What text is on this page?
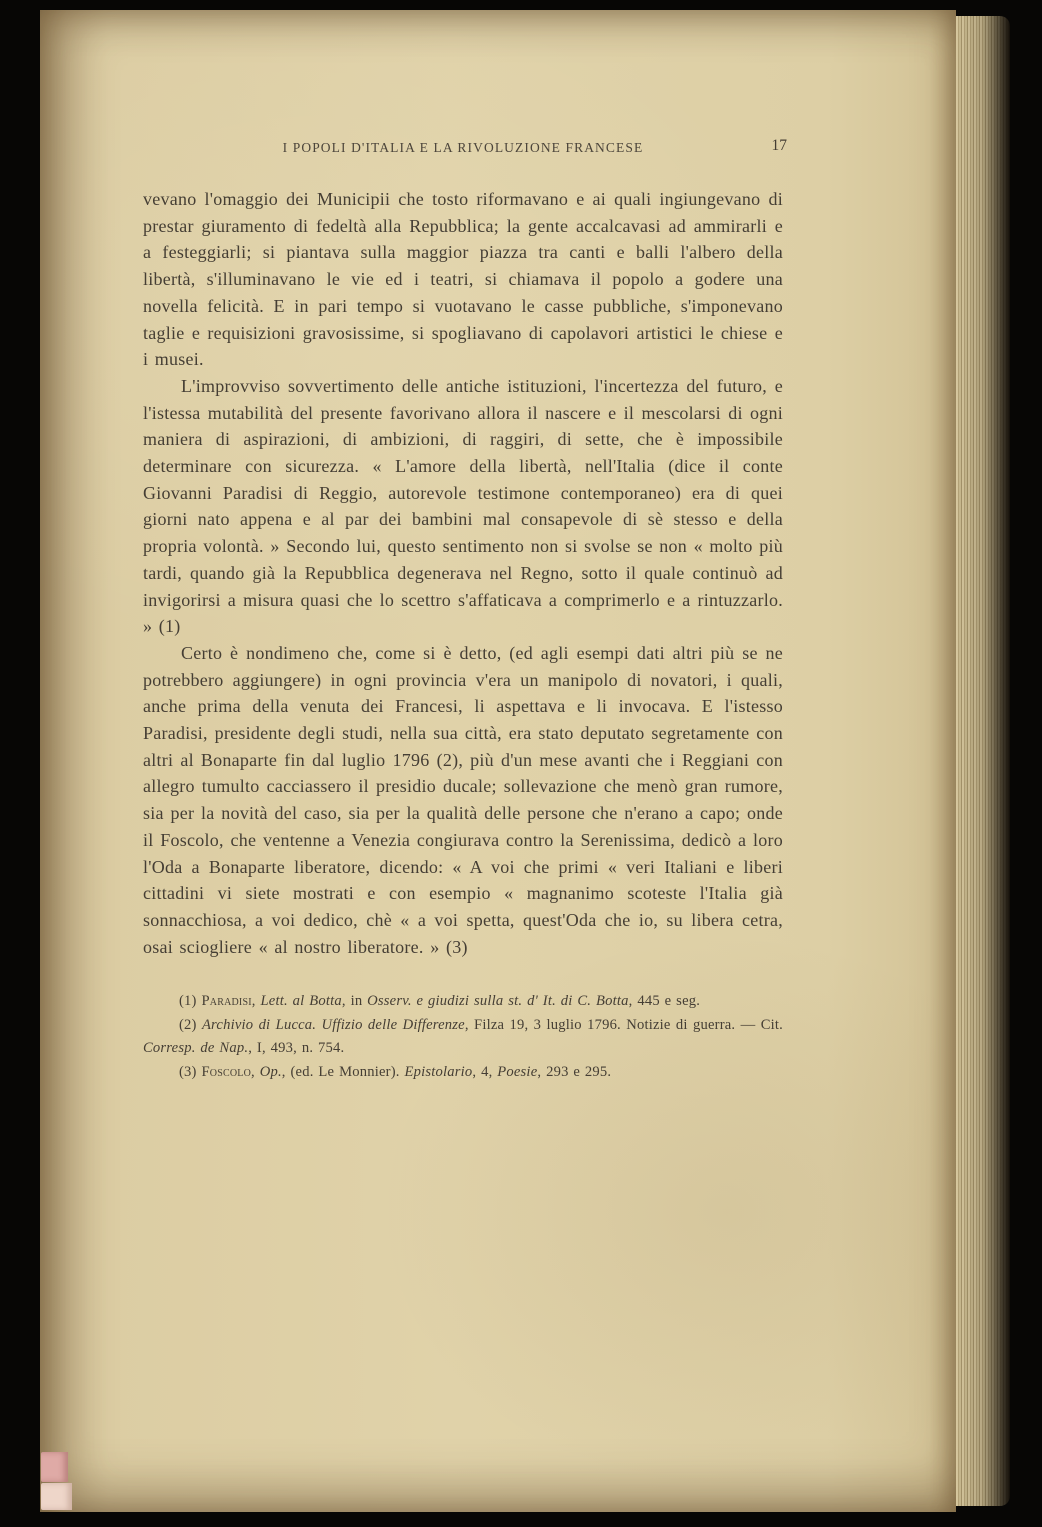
I POPOLI D'ITALIA E LA RIVOLUZIONE FRANCESE	17

vevano l'omaggio dei Municipii che tosto riformavano e ai quali ingiungevano di prestar giuramento di fedeltà alla Repubblica; la gente accalcavasi ad ammirarli e a festeggiarli; si piantava sulla maggior piazza tra canti e balli l'albero della libertà, s'illuminavano le vie ed i teatri, si chiamava il popolo a godere una novella felicità. E in pari tempo si vuotavano le casse pubbliche, s'imponevano taglie e requisizioni gravosissime, si spogliavano di capolavori artistici le chiese e i musei.

L'improvviso sovvertimento delle antiche istituzioni, l'incertezza del futuro, e l'istessa mutabilità del presente favorivano allora il nascere e il mescolarsi di ogni maniera di aspirazioni, di ambizioni, di raggiri, di sette, che è impossibile determinare con sicurezza. « L'amore della libertà, nell'Italia (dice il conte Giovanni Paradisi di Reggio, autorevole testimone contemporaneo) era di quei giorni nato appena e al par dei bambini mal consapevole di sè stesso e della propria volontà. » Secondo lui, questo sentimento non si svolse se non « molto più tardi, quando già la Repubblica degenerava nel Regno, sotto il quale continuò ad invigorirsi a misura quasi che lo scettro s'affaticava a comprimerlo e a rintuzzarlo. » (1)

Certo è nondimeno che, come si è detto, (ed agli esempi dati altri più se ne potrebbero aggiungere) in ogni provincia v'era un manipolo di novatori, i quali, anche prima della venuta dei Francesi, li aspettava e li invocava. E l'istesso Paradisi, presidente degli studi, nella sua città, era stato deputato segretamente con altri al Bonaparte fin dal luglio 1796 (2), più d'un mese avanti che i Reggiani con allegro tumulto cacciassero il presidio ducale; sollevazione che menò gran rumore, sia per la novità del caso, sia per la qualità delle persone che n'erano a capo; onde il Foscolo, che ventenne a Venezia congiurava contro la Serenissima, dedicò a loro l'Oda a Bonaparte liberatore, dicendo: « A voi che primi « veri Italiani e liberi cittadini vi siete mostrati e con esempio « magnanimo scoteste l'Italia già sonnacchiosa, a voi dedico, chè « a voi spetta, quest'Oda che io, su libera cetra, osai sciogliere « al nostro liberatore. » (3)

(1) Paradisi, Lett. al Botta, in Osserv. e giudizi sulla st. d' It. di C. Botta, 445 e seg.

(2) Archivio di Lucca. Uffizio delle Differenze, Filza 19, 3 luglio 1796. Notizie di guerra. — Cit. Corresp. de Nap., I, 493, n. 754.

(3) Foscolo, Op., (ed. Le Monnier). Epistolario, 4, Poesie, 293 e 295.
